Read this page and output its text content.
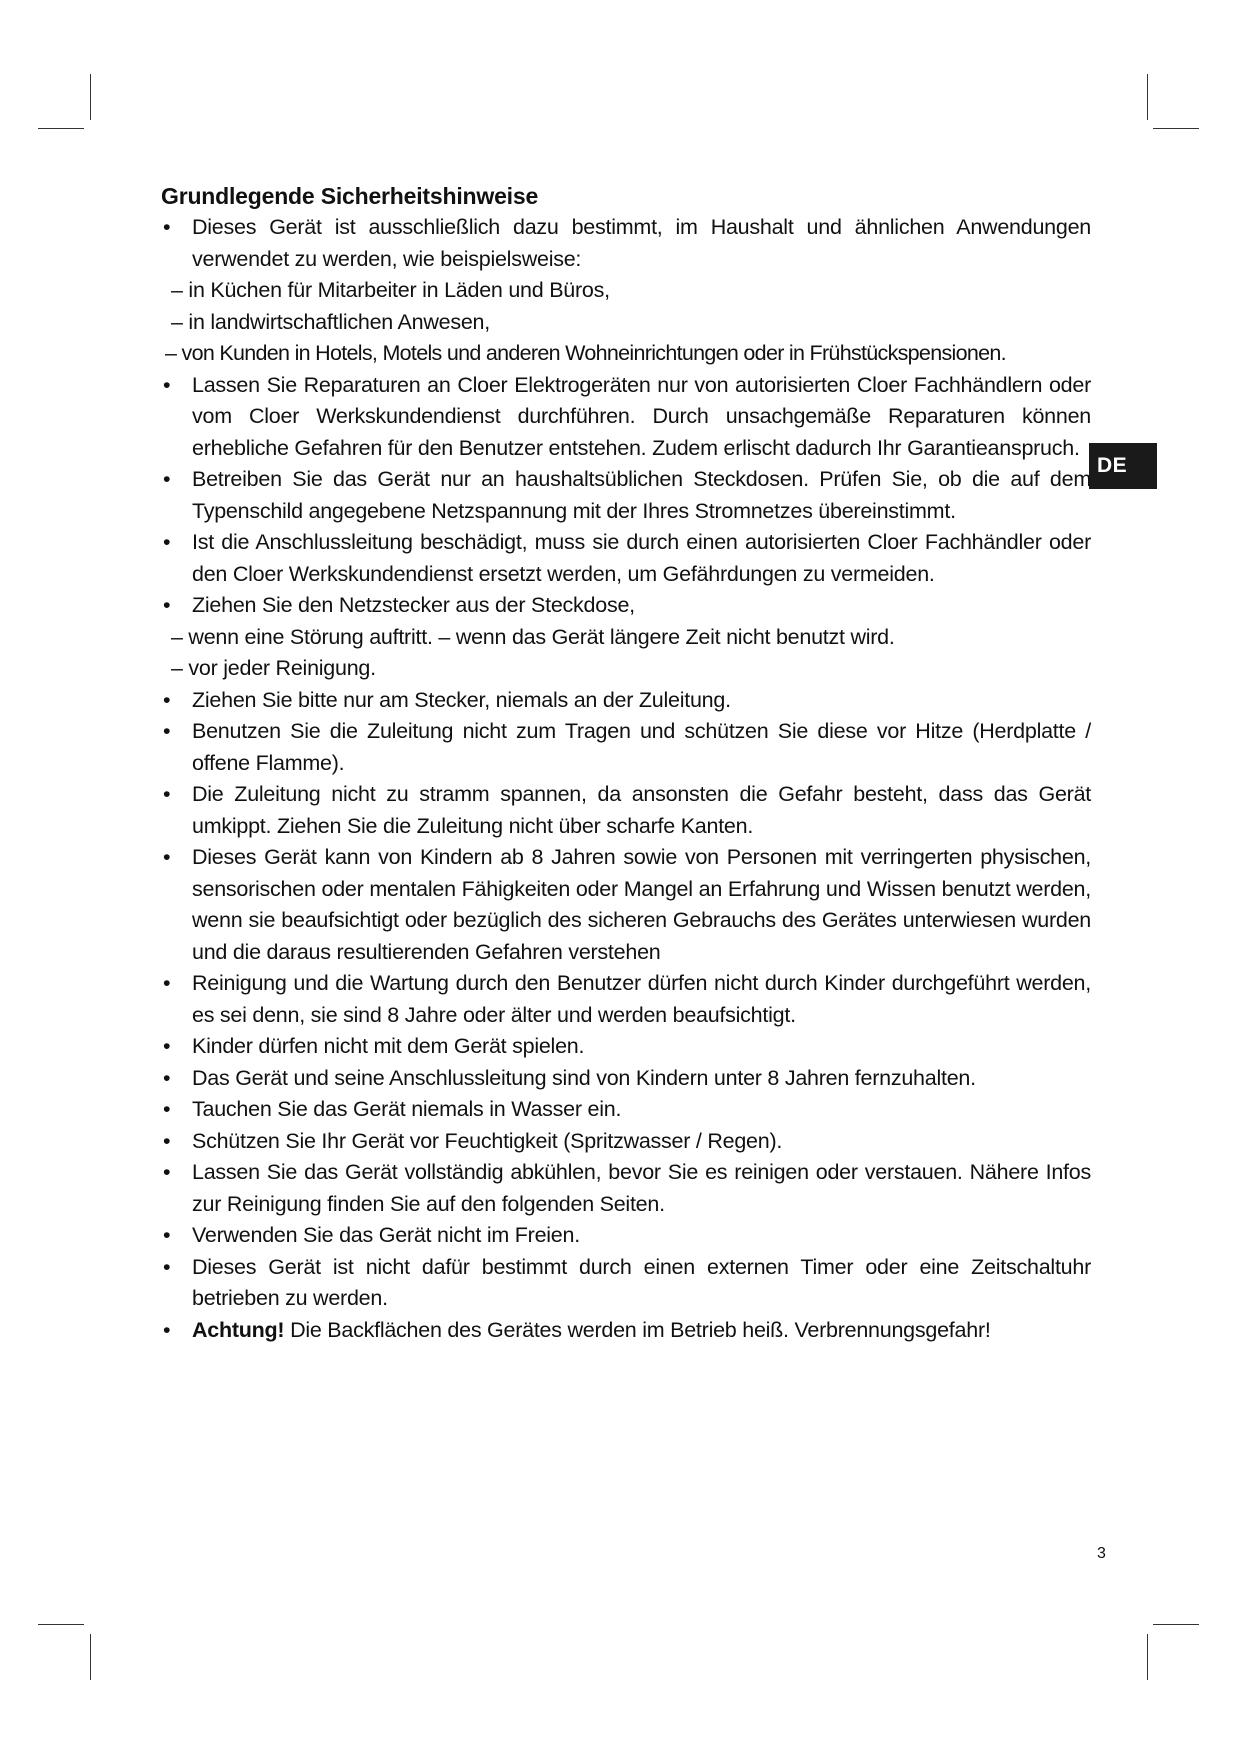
DE
Grundlegende Sicherheitshinweise
• Dieses Gerät ist ausschließlich dazu bestimmt, im Haushalt und ähnlichen Anwendungen verwendet zu werden, wie beispielsweise:
– in Küchen für Mitarbeiter in Läden und Büros,
– in landwirtschaftlichen Anwesen,
– von Kunden in Hotels, Motels und anderen Wohneinrichtungen oder in Frühstückspensionen.
• Lassen Sie Reparaturen an Cloer Elektrogeräten nur von autorisierten Cloer Fachhändlern oder vom Cloer Werkskundendienst durchführen. Durch unsachgemäße Reparaturen können erhebliche Gefahren für den Benutzer entstehen. Zudem erlischt dadurch Ihr Garantieanspruch.
• Betreiben Sie das Gerät nur an haushaltsüblichen Steckdosen. Prüfen Sie, ob die auf dem Typenschild angegebene Netzspannung mit der Ihres Stromnetzes übereinstimmt.
• Ist die Anschlussleitung beschädigt, muss sie durch einen autorisierten Cloer Fachhändler oder den Cloer Werkskundendienst ersetzt werden, um Gefährdungen zu vermeiden.
• Ziehen Sie den Netzstecker aus der Steckdose,
– wenn eine Störung auftritt. – wenn das Gerät längere Zeit nicht benutzt wird.
– vor jeder Reinigung.
• Ziehen Sie bitte nur am Stecker, niemals an der Zuleitung.
• Benutzen Sie die Zuleitung nicht zum Tragen und schützen Sie diese vor Hitze (Herdplatte / offene Flamme).
• Die Zuleitung nicht zu stramm spannen, da ansonsten die Gefahr besteht, dass das Gerät umkippt. Ziehen Sie die Zuleitung nicht über scharfe Kanten.
• Dieses Gerät kann von Kindern ab 8 Jahren sowie von Personen mit verringerten physischen, sensorischen oder mentalen Fähigkeiten oder Mangel an Erfahrung und Wissen benutzt werden, wenn sie beaufsichtigt oder bezüglich des sicheren Gebrauchs des Gerätes unterwiesen wurden und die daraus resultierenden Gefahren verstehen
• Reinigung und die Wartung durch den Benutzer dürfen nicht durch Kinder durchgeführt werden, es sei denn, sie sind 8 Jahre oder älter und werden beaufsichtigt.
• Kinder dürfen nicht mit dem Gerät spielen.
• Das Gerät und seine Anschlussleitung sind von Kindern unter 8 Jahren fernzuhalten.
• Tauchen Sie das Gerät niemals in Wasser ein.
• Schützen Sie Ihr Gerät vor Feuchtigkeit (Spritzwasser / Regen).
• Lassen Sie das Gerät vollständig abkühlen, bevor Sie es reinigen oder verstauen. Nähere Infos zur Reinigung finden Sie auf den folgenden Seiten.
• Verwenden Sie das Gerät nicht im Freien.
• Dieses Gerät ist nicht dafür bestimmt durch einen externen Timer oder eine Zeitschaltuhr betrieben zu werden.
• Achtung! Die Backflächen des Gerätes werden im Betrieb heiß. Verbrennungsgefahr!
3
